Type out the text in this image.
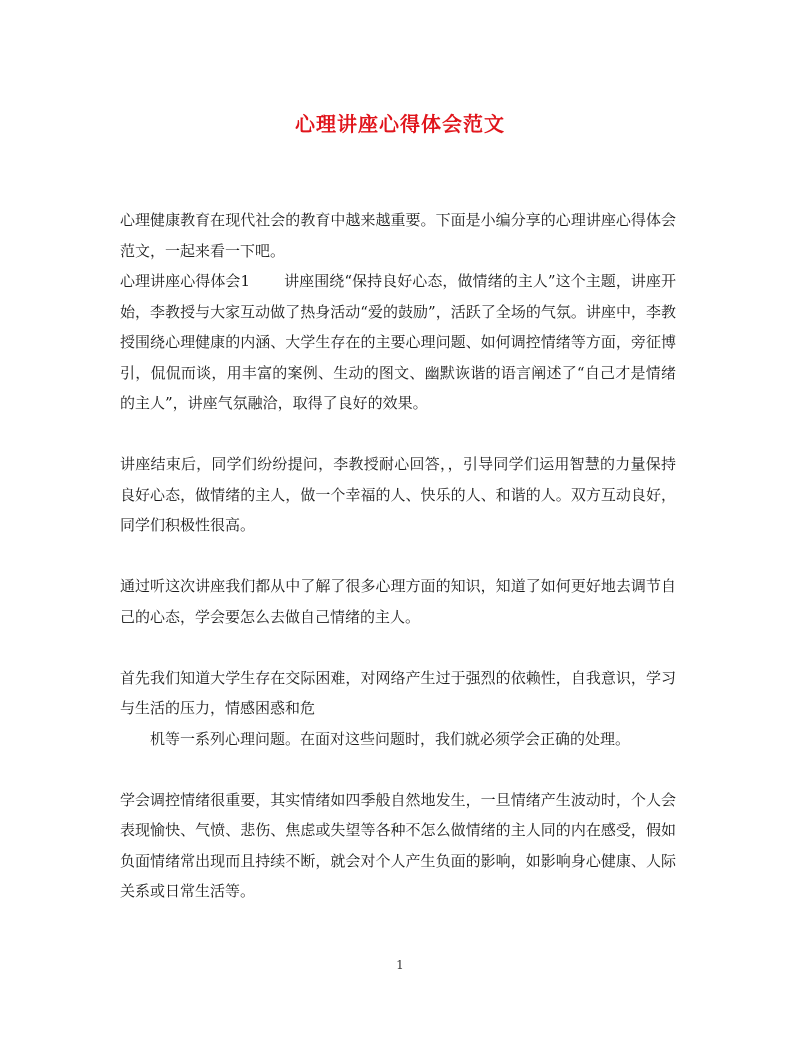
心理讲座心得体会范文

心理健康教育在现代社会的教育中越来越重要。下面是小编分享的心理讲座心得体会范文，一起来看一下吧。

心理讲座心得体会1 讲座围绕“保持良好心态，做情绪的主人”这个主题，讲座开始，李教授与大家互动做了热身活动“爱的鼓励”，活跃了全场的气氛。讲座中，李教授围绕心理健康的内涵、大学生存在的主要心理问题、如何调控情绪等方面，旁征博引，侃侃而谈，用丰富的案例、生动的图文、幽默诙谐的语言阐述了“自己才是情绪的主人”，讲座气氛融洽，取得了良好的效果。

讲座结束后，同学们纷纷提问，李教授耐心回答，，引导同学们运用智慧的力量保持良好心态，做情绪的主人，做一个幸福的人、快乐的人、和谐的人。双方互动良好，同学们积极性很高。

通过听这次讲座我们都从中了解了很多心理方面的知识，知道了如何更好地去调节自己的心态，学会要怎么去做自己情绪的主人。

首先我们知道大学生存在交际困难，对网络产生过于强烈的依赖性，自我意识，学习与生活的压力，情感困惑和危

机等一系列心理问题。在面对这些问题时，我们就必须学会正确的处理。

学会调控情绪很重要，其实情绪如四季般自然地发生，一旦情绪产生波动时，个人会表现愉快、气愤、悲伤、焦虑或失望等各种不怎么做情绪的主人同的内在感受，假如负面情绪常出现而且持续不断，就会对个人产生负面的影响，如影响身心健康、人际关系或日常生活等。

1
